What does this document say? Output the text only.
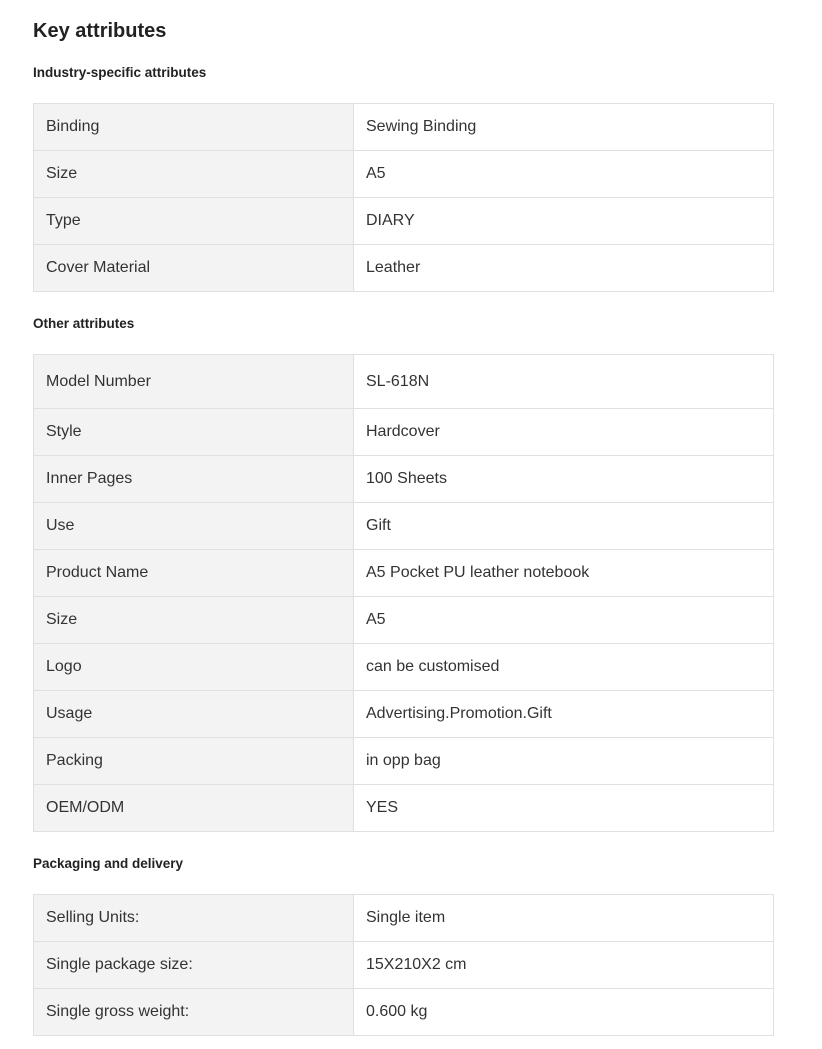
Key attributes
Industry-specific attributes
Binding	Sewing Binding
Size	A5
Type	DIARY
Cover Material	Leather
Other attributes
Model Number	SL-618N
Style	Hardcover
Inner Pages	100 Sheets
Use	Gift
Product Name	A5 Pocket PU leather notebook
Size	A5
Logo	can be customised
Usage	Advertising.Promotion.Gift
Packing	in opp bag
OEM/ODM	YES
Packaging and delivery
Selling Units:	Single item
Single package size:	15X210X2 cm
Single gross weight:	0.600 kg
